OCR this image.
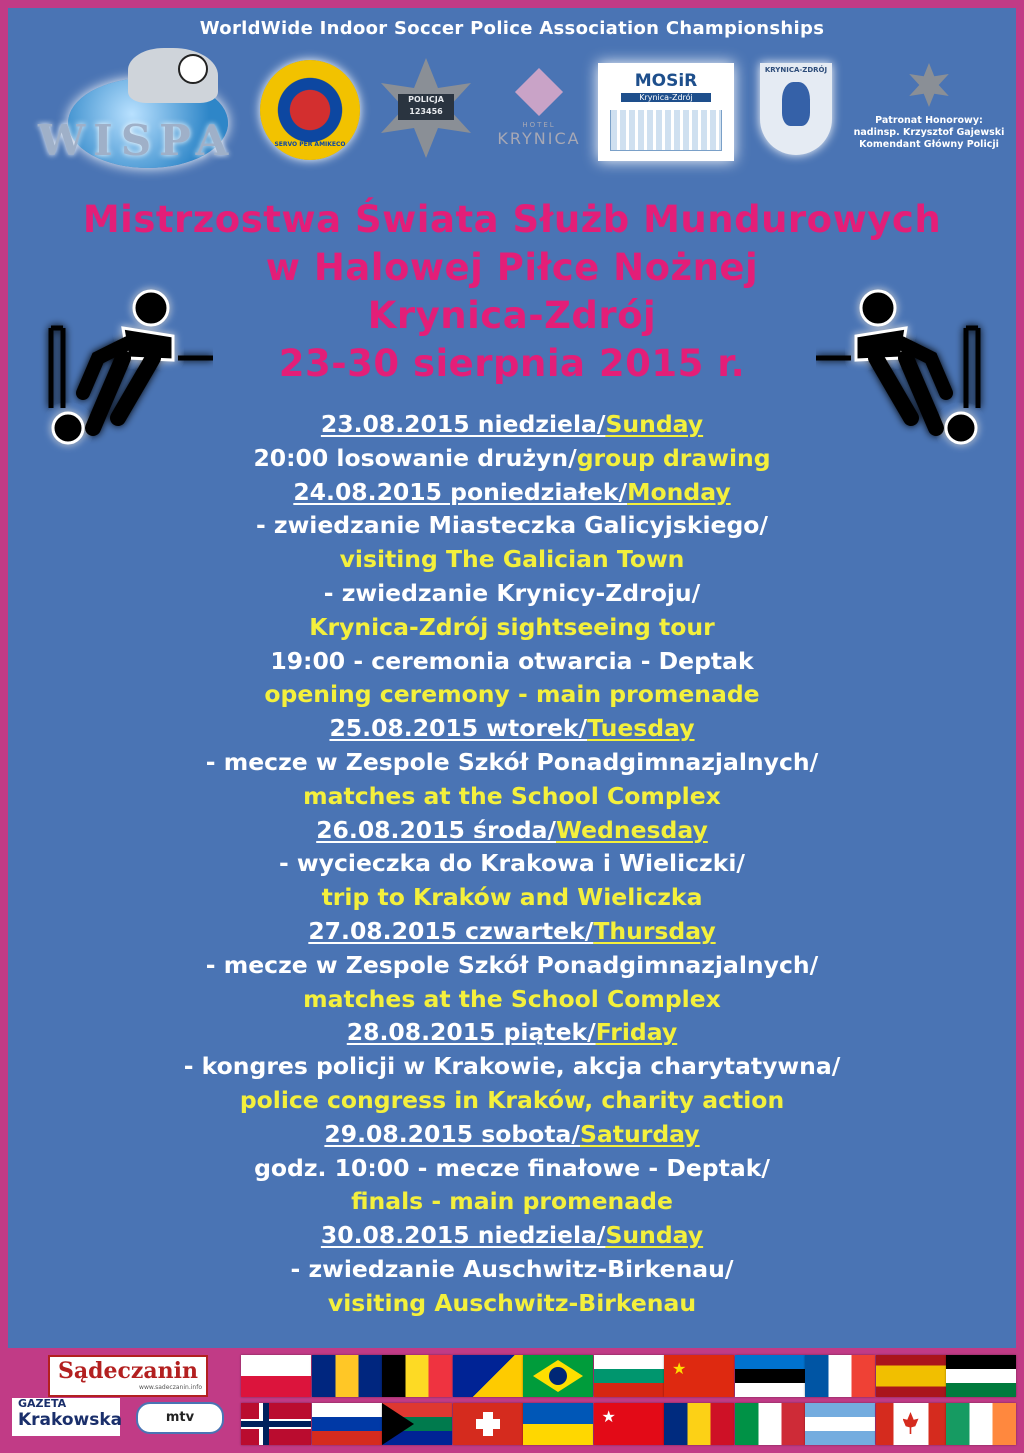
WorldWide Indoor Soccer Police Association Championships
WISPA	SERVO PER AMIKECO
POLICJA
123456
HOTEL
KRYNICA
MOSiR
Krynica-Zdrój
KRYNICA-ZDRÓJ
Patronat Honorowy:
nadinsp. Krzysztof Gajewski
Komendant Główny Policji
Mistrzostwa Świata Służb Mundurowych
w Halowej Piłce Nożnej
Krynica-Zdrój
23-30 sierpnia 2015 r.
23.08.2015 niedziela/Sunday
20:00 losowanie drużyn/group drawing
24.08.2015 poniedziałek/Monday
- zwiedzanie Miasteczka Galicyjskiego/
visiting The Galician Town
- zwiedzanie Krynicy-Zdroju/
Krynica-Zdrój sightseeing tour
19:00 - ceremonia otwarcia - Deptak
opening ceremony - main promenade
25.08.2015 wtorek/Tuesday
- mecze w Zespole Szkół Ponadgimnazjalnych/
matches at the School Complex
26.08.2015 środa/Wednesday
- wycieczka do Krakowa i Wieliczki/
trip to Kraków and Wieliczka
27.08.2015 czwartek/Thursday
- mecze w Zespole Szkół Ponadgimnazjalnych/
matches at the School Complex
28.08.2015 piątek/Friday
- kongres policji w Krakowie, akcja charytatywna/
police congress in Kraków, charity action
29.08.2015 sobota/Saturday
godz. 10:00 - mecze finałowe - Deptak/
finals - main promenade
30.08.2015 niedziela/Sunday
- zwiedzanie Auschwitz-Birkenau/
visiting Auschwitz-Birkenau
Sądeczanin
www.sadeczanin.info
GAZETA
Krakowska	mtv
★
★
